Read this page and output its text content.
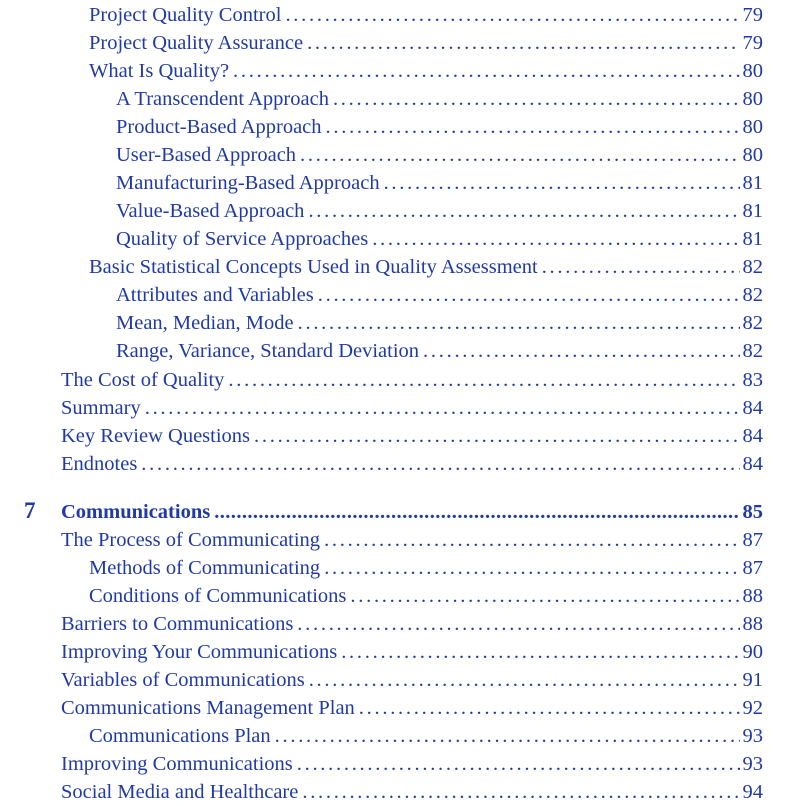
Project Quality Control . . .	79
Project Quality Assurance . . .	79
What Is Quality? . . .	80
A Transcendent Approach . . .	80
Product-Based Approach . . .	80
User-Based Approach . . .	80
Manufacturing-Based Approach . . .	81
Value-Based Approach . . .	81
Quality of Service Approaches . . .	81
Basic Statistical Concepts Used in Quality Assessment . . .	82
Attributes and Variables . . .	82
Mean, Median, Mode . . .	82
Range, Variance, Standard Deviation . . .	82
The Cost of Quality . . .	83
Summary . . .	84
Key Review Questions . . .	84
Endnotes . . .	84
7	Communications .....	85
The Process of Communicating . . .	87
Methods of Communicating . . .	87
Conditions of Communications . . .	88
Barriers to Communications . . .	88
Improving Your Communications . . .	90
Variables of Communications . . .	91
Communications Management Plan . . .	92
Communications Plan . . .	93
Improving Communications . . .	93
Social Media and Healthcare . . .	94
